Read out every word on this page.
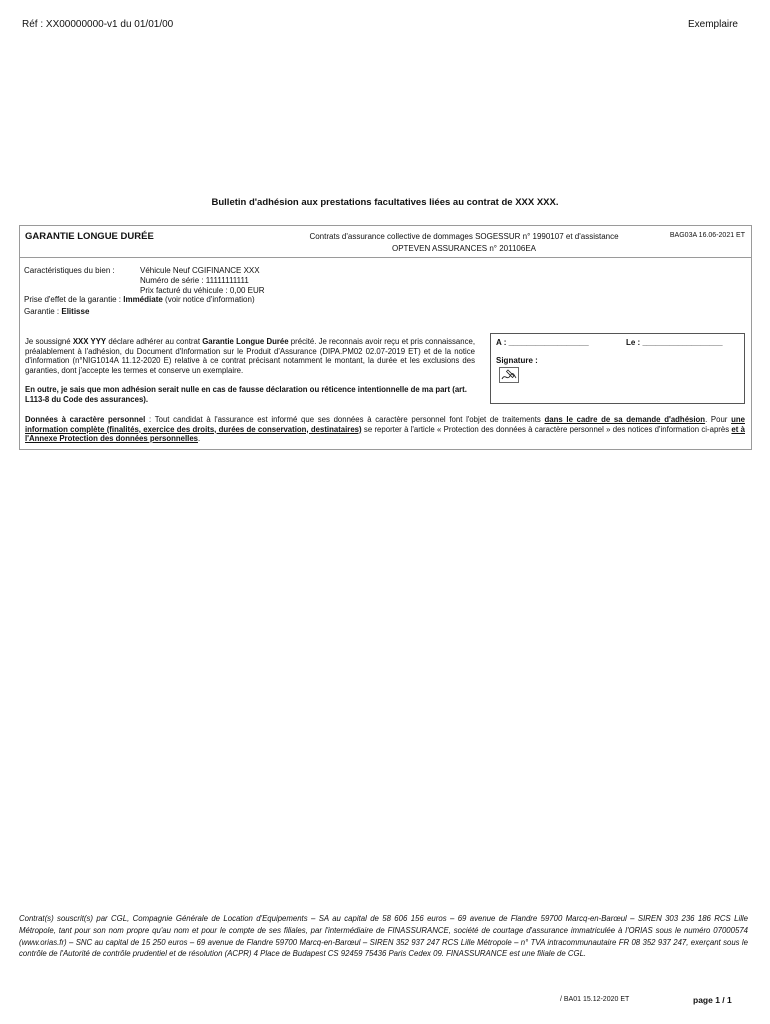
Réf : XX00000000-v1 du 01/01/00	Exemplaire
Bulletin d'adhésion aux prestations facultatives liées au contrat de XXX XXX.
GARANTIE LONGUE DURÉE	Contrats d'assurance collective de dommages SOGESSUR n° 1990107 et d'assistance
OPTEVEN ASSURANCES n° 201106EA
BAG03A 16.06-2021 ET
Caractéristiques du bien :	Véhicule Neuf CGIFINANCE XXX
Numéro de série : 11111111111
Prix facturé du véhicule : 0,00 EUR
Prise d'effet de la garantie : Immédiate (voir notice d'information)
Garantie : Elitisse
Je soussigné XXX YYY déclare adhérer au contrat Garantie Longue Durée précité. Je reconnais avoir reçu et pris connaissance, préalablement à l'adhésion, du Document d'Information sur le Produit d'Assurance (DIPA.PM02 02.07-2019 ET) et de la notice d'information (n°NIG1014A 11.12-2020 E) relative à ce contrat précisant notamment le montant, la durée et les exclusions des garanties, dont j'accepte les termes et conserve un exemplaire.
En outre, je sais que mon adhésion serait nulle en cas de fausse déclaration ou réticence intentionnelle de ma part (art. L113-8 du Code des assurances).
A : __________________	Le : __________________
Signature :
Données à caractère personnel : Tout candidat à l'assurance est informé que ses données à caractère personnel font l'objet de traitements dans le cadre de sa demande d'adhésion. Pour une information complète (finalités, exercice des droits, durées de conservation, destinataires) se reporter à l'article « Protection des données à caractère personnel » des notices d'information ci-après et à l'Annexe Protection des données personnelles.
Contrat(s) souscrit(s) par CGL, Compagnie Générale de Location d'Equipements – SA au capital de 58 606 156 euros – 69 avenue de Flandre 59700 Marcq-en-Barœul – SIREN 303 236 186 RCS Lille Métropole, tant pour son nom propre qu'au nom et pour le compte de ses filiales, par l'intermédiaire de FINASSURANCE, société de courtage d'assurance immatriculée à l'ORIAS sous le numéro 07000574 (www.orias.fr) – SNC au capital de 15 250 euros – 69 avenue de Flandre 59700 Marcq-en-Barœul – SIREN 352 937 247 RCS Lille Métropole – n° TVA intracommunautaire FR 08 352 937 247, exerçant sous le contrôle de l'Autorité de contrôle prudentiel et de résolution (ACPR) 4 Place de Budapest CS 92459 75436 Paris Cedex 09. FINASSURANCE est une filiale de CGL.
/ BA01 15.12-2020 ET	page 1 / 1
